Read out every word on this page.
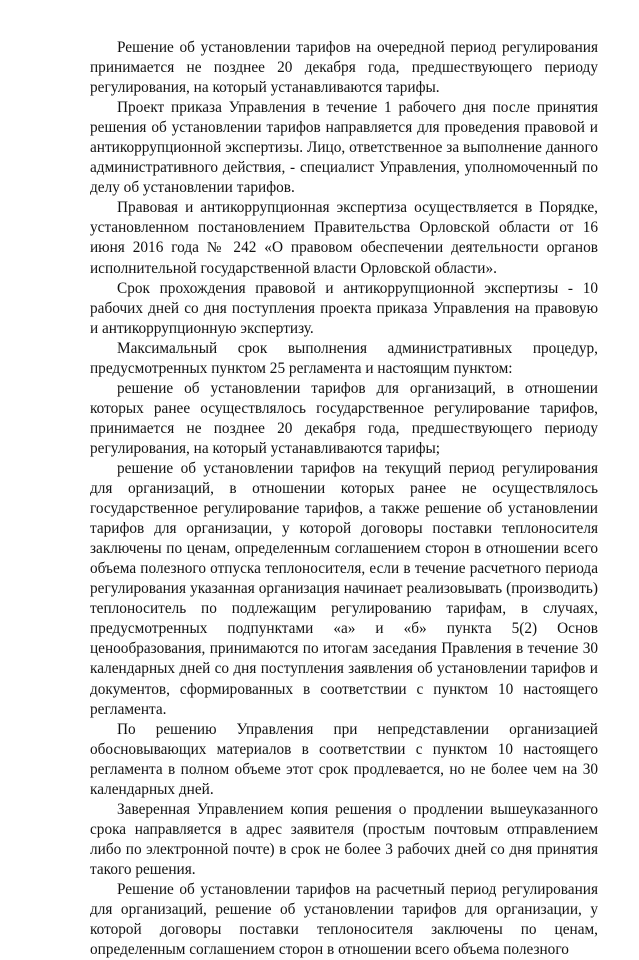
Решение об установлении тарифов на очередной период регулирования принимается не позднее 20 декабря года, предшествующего периоду регулирования, на который устанавливаются тарифы.

Проект приказа Управления в течение 1 рабочего дня после принятия решения об установлении тарифов направляется для проведения правовой и антикоррупционной экспертизы. Лицо, ответственное за выполнение данного административного действия, - специалист Управления, уполномоченный по делу об установлении тарифов.

Правовая и антикоррупционная экспертиза осуществляется в Порядке, установленном постановлением Правительства Орловской области от 16 июня 2016 года № 242 «О правовом обеспечении деятельности органов исполнительной государственной власти Орловской области».

Срок прохождения правовой и антикоррупционной экспертизы - 10 рабочих дней со дня поступления проекта приказа Управления на правовую и антикоррупционную экспертизу.

Максимальный срок выполнения административных процедур, предусмотренных пунктом 25 регламента и настоящим пунктом:

решение об установлении тарифов для организаций, в отношении которых ранее осуществлялось государственное регулирование тарифов, принимается не позднее 20 декабря года, предшествующего периоду регулирования, на который устанавливаются тарифы;

решение об установлении тарифов на текущий период регулирования для организаций, в отношении которых ранее не осуществлялось государственное регулирование тарифов, а также решение об установлении тарифов для организации, у которой договоры поставки теплоносителя заключены по ценам, определенным соглашением сторон в отношении всего объема полезного отпуска теплоносителя, если в течение расчетного периода регулирования указанная организация начинает реализовывать (производить) теплоноситель по подлежащим регулированию тарифам, в случаях, предусмотренных подпунктами «а» и «б» пункта 5(2) Основ ценообразования, принимаются по итогам заседания Правления в течение 30 календарных дней со дня поступления заявления об установлении тарифов и документов, сформированных в соответствии с пунктом 10 настоящего регламента.

По решению Управления при непредставлении организацией обосновывающих материалов в соответствии с пунктом 10 настоящего регламента в полном объеме этот срок продлевается, но не более чем на 30 календарных дней.

Заверенная Управлением копия решения о продлении вышеуказанного срока направляется в адрес заявителя (простым почтовым отправлением либо по электронной почте) в срок не более 3 рабочих дней со дня принятия такого решения.

Решение об установлении тарифов на расчетный период регулирования для организаций, решение об установлении тарифов для организации, у которой договоры поставки теплоносителя заключены по ценам, определенным соглашением сторон в отношении всего объема полезного
